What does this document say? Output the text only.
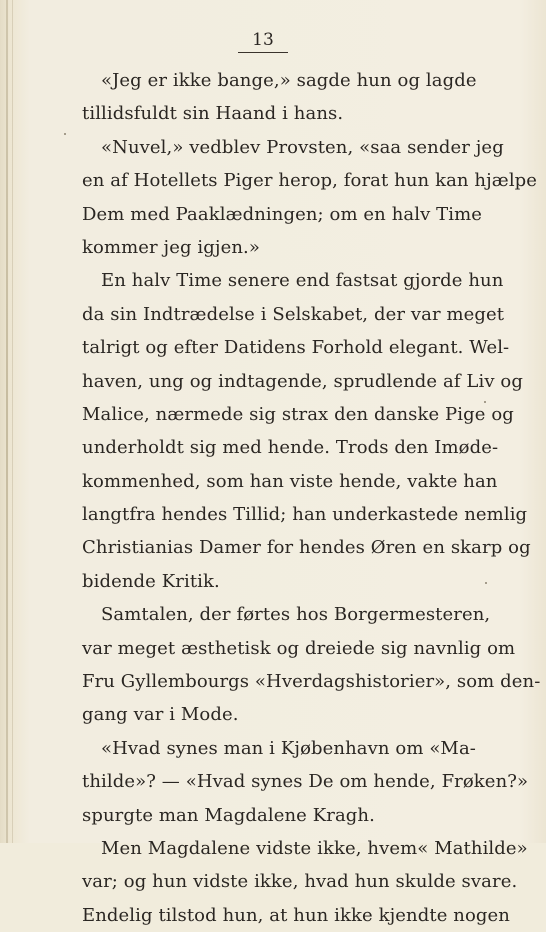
13
«Jeg er ikke bange,» sagde hun og lagde
tillidsfuldt sin Haand i hans.
«Nuvel,» vedblev Provsten, «saa sender jeg
en af Hotellets Piger herop, forat hun kan hjælpe
Dem med Paaklædningen; om en halv Time
kommer jeg igjen.»
En halv Time senere end fastsat gjorde hun
da sin Indtrædelse i Selskabet, der var meget
talrigt og efter Datidens Forhold elegant. Wel-
haven, ung og indtagende, sprudlende af Liv og
Malice, nærmede sig strax den danske Pige og
underholdt sig med hende. Trods den Imøde-
kommenhed, som han viste hende, vakte han
langtfra hendes Tillid; han underkastede nemlig
Christianias Damer for hendes Øren en skarp og
bidende Kritik.
Samtalen, der førtes hos Borgermesteren,
var meget æsthetisk og dreiede sig navnlig om
Fru Gyllembourgs «Hverdagshistorier», som den-
gang var i Mode.
«Hvad synes man i Kjøbenhavn om «Ma-
thilde»? — «Hvad synes De om hende, Frøken?»
spurgte man Magdalene Kragh.
Men Magdalene vidste ikke, hvem« Mathilde»
var; og hun vidste ikke, hvad hun skulde svare.
Endelig tilstod hun, at hun ikke kjendte nogen
